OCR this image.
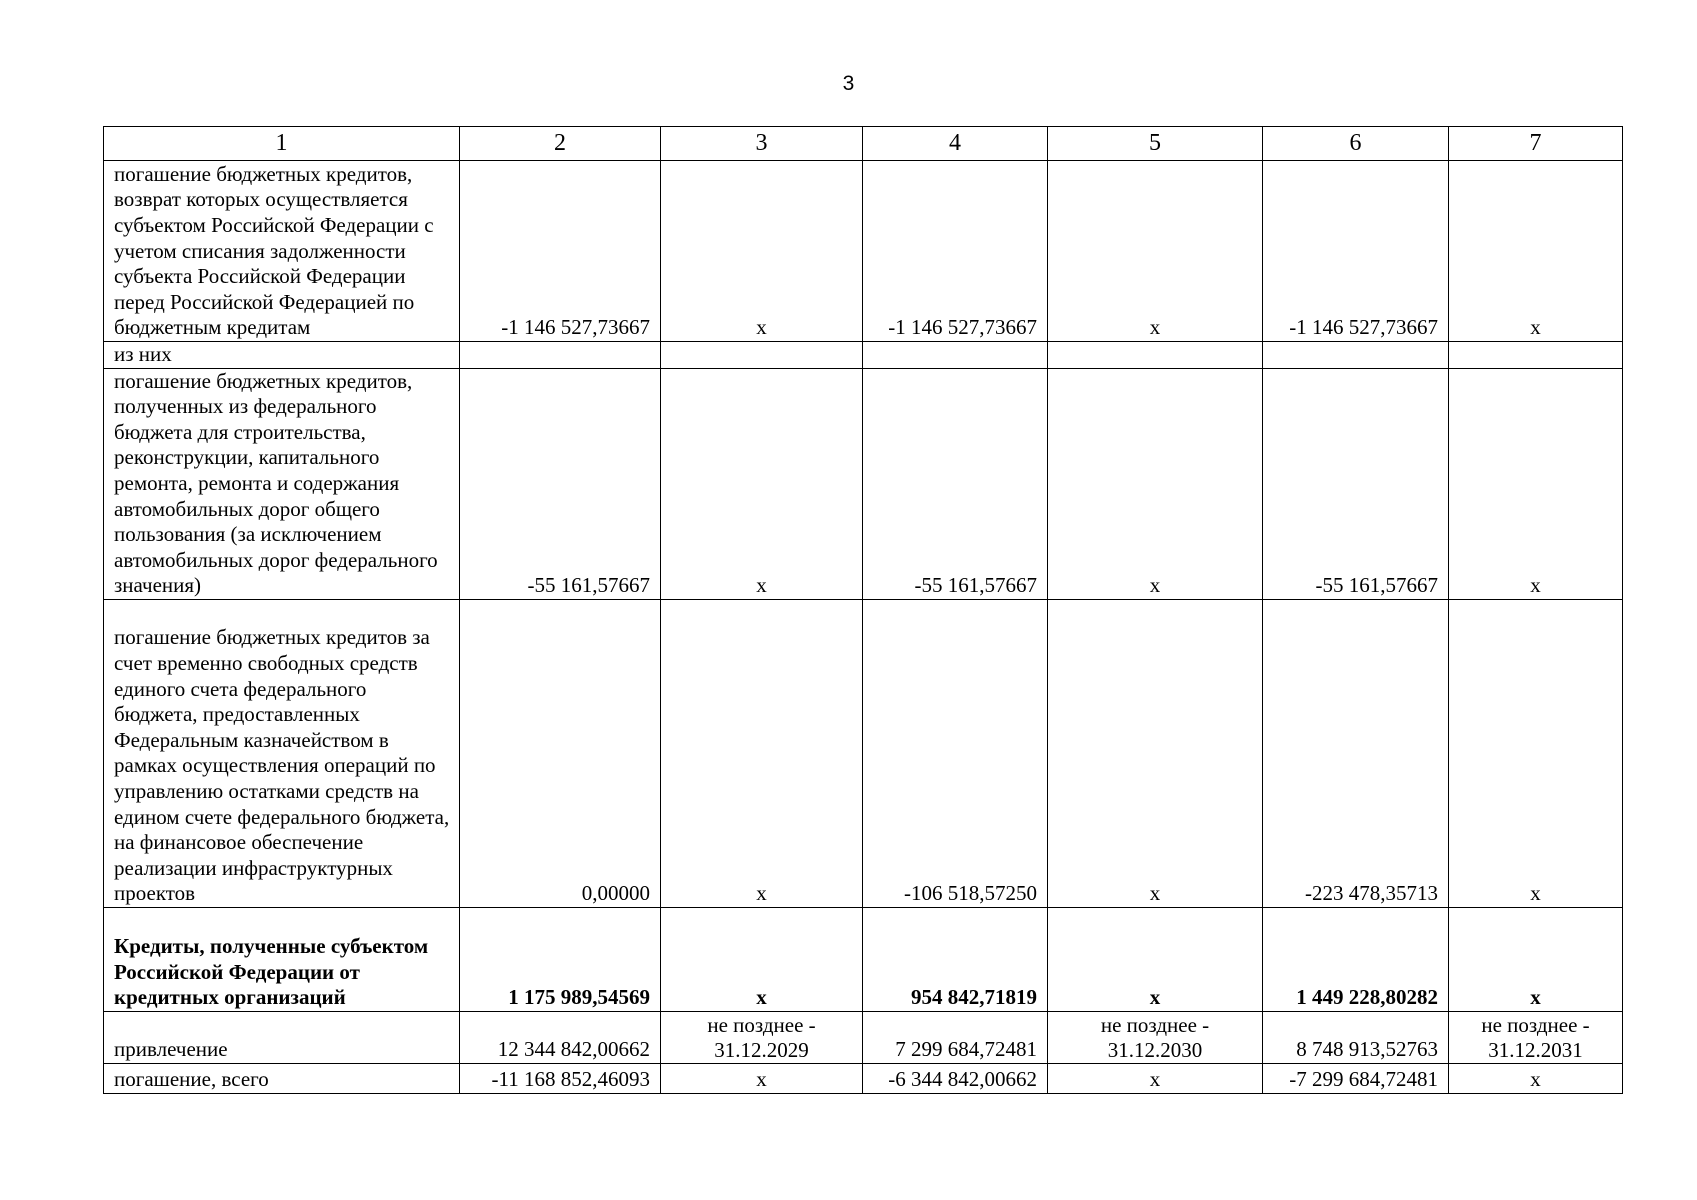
3
1	2	3	4	5	6	7
погашение бюджетных кредитов, возврат которых осуществляется субъектом Российской Федерации с учетом списания задолженности субъекта Российской Федерации перед Российской Федерацией по бюджетным кредитам	-1 146 527,73667	х	-1 146 527,73667	х	-1 146 527,73667	х
из них						
погашение бюджетных кредитов, полученных из федерального бюджета для строительства, реконструкции, капитального ремонта, ремонта и содержания автомобильных дорог общего пользования (за исключением автомобильных дорог федерального значения)	-55 161,57667	х	-55 161,57667	х	-55 161,57667	х
погашение бюджетных кредитов за счет временно свободных средств единого счета федерального бюджета, предоставленных Федеральным казначейством в рамках осуществления операций по управлению остатками средств на едином счете федерального бюджета, на финансовое обеспечение реализации инфраструктурных проектов	0,00000	х	-106 518,57250	х	-223 478,35713	х
Кредиты, полученные субъектом Российской Федерации от кредитных организаций	1 175 989,54569	х	954 842,71819	х	1 449 228,80282	х
привлечение	12 344 842,00662	не позднее - 31.12.2029	7 299 684,72481	не позднее - 31.12.2030	8 748 913,52763	не позднее - 31.12.2031
погашение, всего	-11 168 852,46093	х	-6 344 842,00662	х	-7 299 684,72481	х
